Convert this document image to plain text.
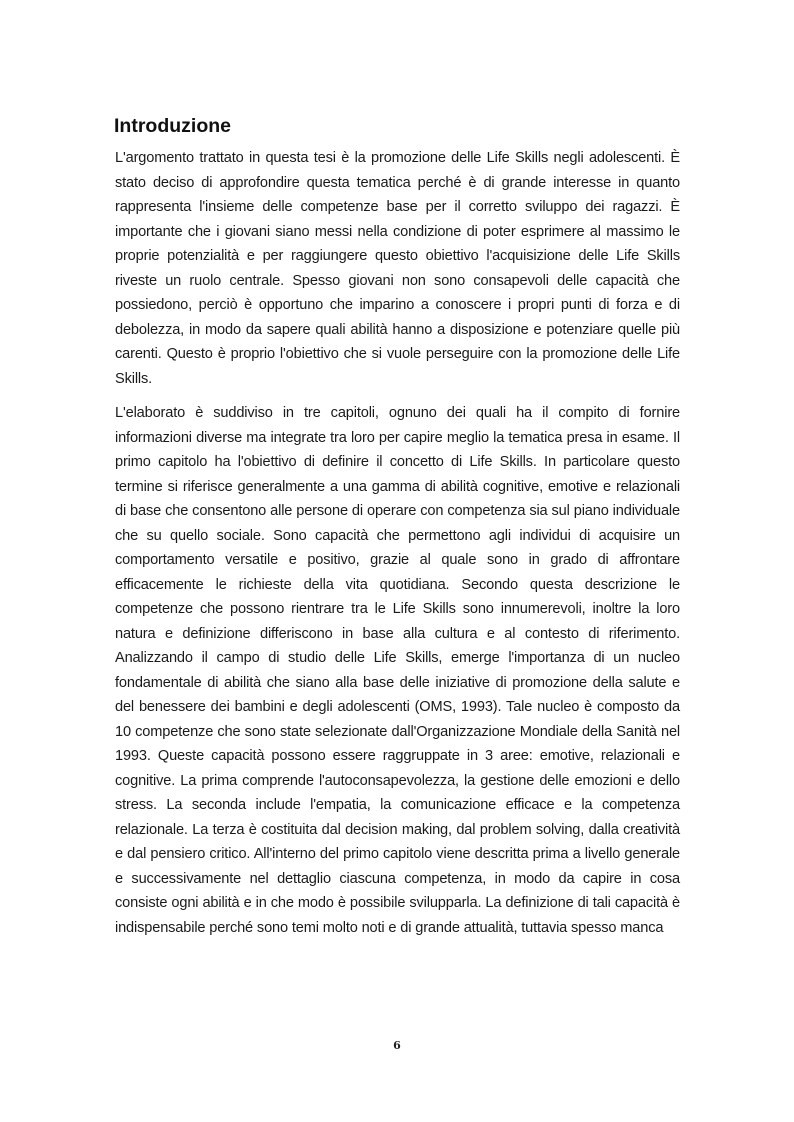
Introduzione

L'argomento trattato in questa tesi è la promozione delle Life Skills negli adolescenti. È stato deciso di approfondire questa tematica perché è di grande interesse in quanto rappresenta l'insieme delle competenze base per il corretto sviluppo dei ragazzi. È importante che i giovani siano messi nella condizione di poter esprimere al massimo le proprie potenzialità e per raggiungere questo obiettivo l'acquisizione delle Life Skills riveste un ruolo centrale. Spesso giovani non sono consapevoli delle capacità che possiedono, perciò è opportuno che imparino a conoscere i propri punti di forza e di debolezza, in modo da sapere quali abilità hanno a disposizione e potenziare quelle più carenti. Questo è proprio l'obiettivo che si vuole perseguire con la promozione delle Life Skills.

L'elaborato è suddiviso in tre capitoli, ognuno dei quali ha il compito di fornire informazioni diverse ma integrate tra loro per capire meglio la tematica presa in esame. Il primo capitolo ha l'obiettivo di definire il concetto di Life Skills. In particolare questo termine si riferisce generalmente a una gamma di abilità cognitive, emotive e relazionali di base che consentono alle persone di operare con competenza sia sul piano individuale che su quello sociale. Sono capacità che permettono agli individui di acquisire un comportamento versatile e positivo, grazie al quale sono in grado di affrontare efficacemente le richieste della vita quotidiana. Secondo questa descrizione le competenze che possono rientrare tra le Life Skills sono innumerevoli, inoltre la loro natura e definizione differiscono in base alla cultura e al contesto di riferimento. Analizzando il campo di studio delle Life Skills, emerge l'importanza di un nucleo fondamentale di abilità che siano alla base delle iniziative di promozione della salute e del benessere dei bambini e degli adolescenti (OMS, 1993). Tale nucleo è composto da 10 competenze che sono state selezionate dall'Organizzazione Mondiale della Sanità nel 1993. Queste capacità possono essere raggruppate in 3 aree: emotive, relazionali e cognitive. La prima comprende l'autoconsapevolezza, la gestione delle emozioni e dello stress. La seconda include l'empatia, la comunicazione efficace e la competenza relazionale. La terza è costituita dal decision making, dal problem solving, dalla creatività e dal pensiero critico. All'interno del primo capitolo viene descritta prima a livello generale e successivamente nel dettaglio ciascuna competenza, in modo da capire in cosa consiste ogni abilità e in che modo è possibile svilupparla. La definizione di tali capacità è indispensabile perché sono temi molto noti e di grande attualità, tuttavia spesso manca

6
